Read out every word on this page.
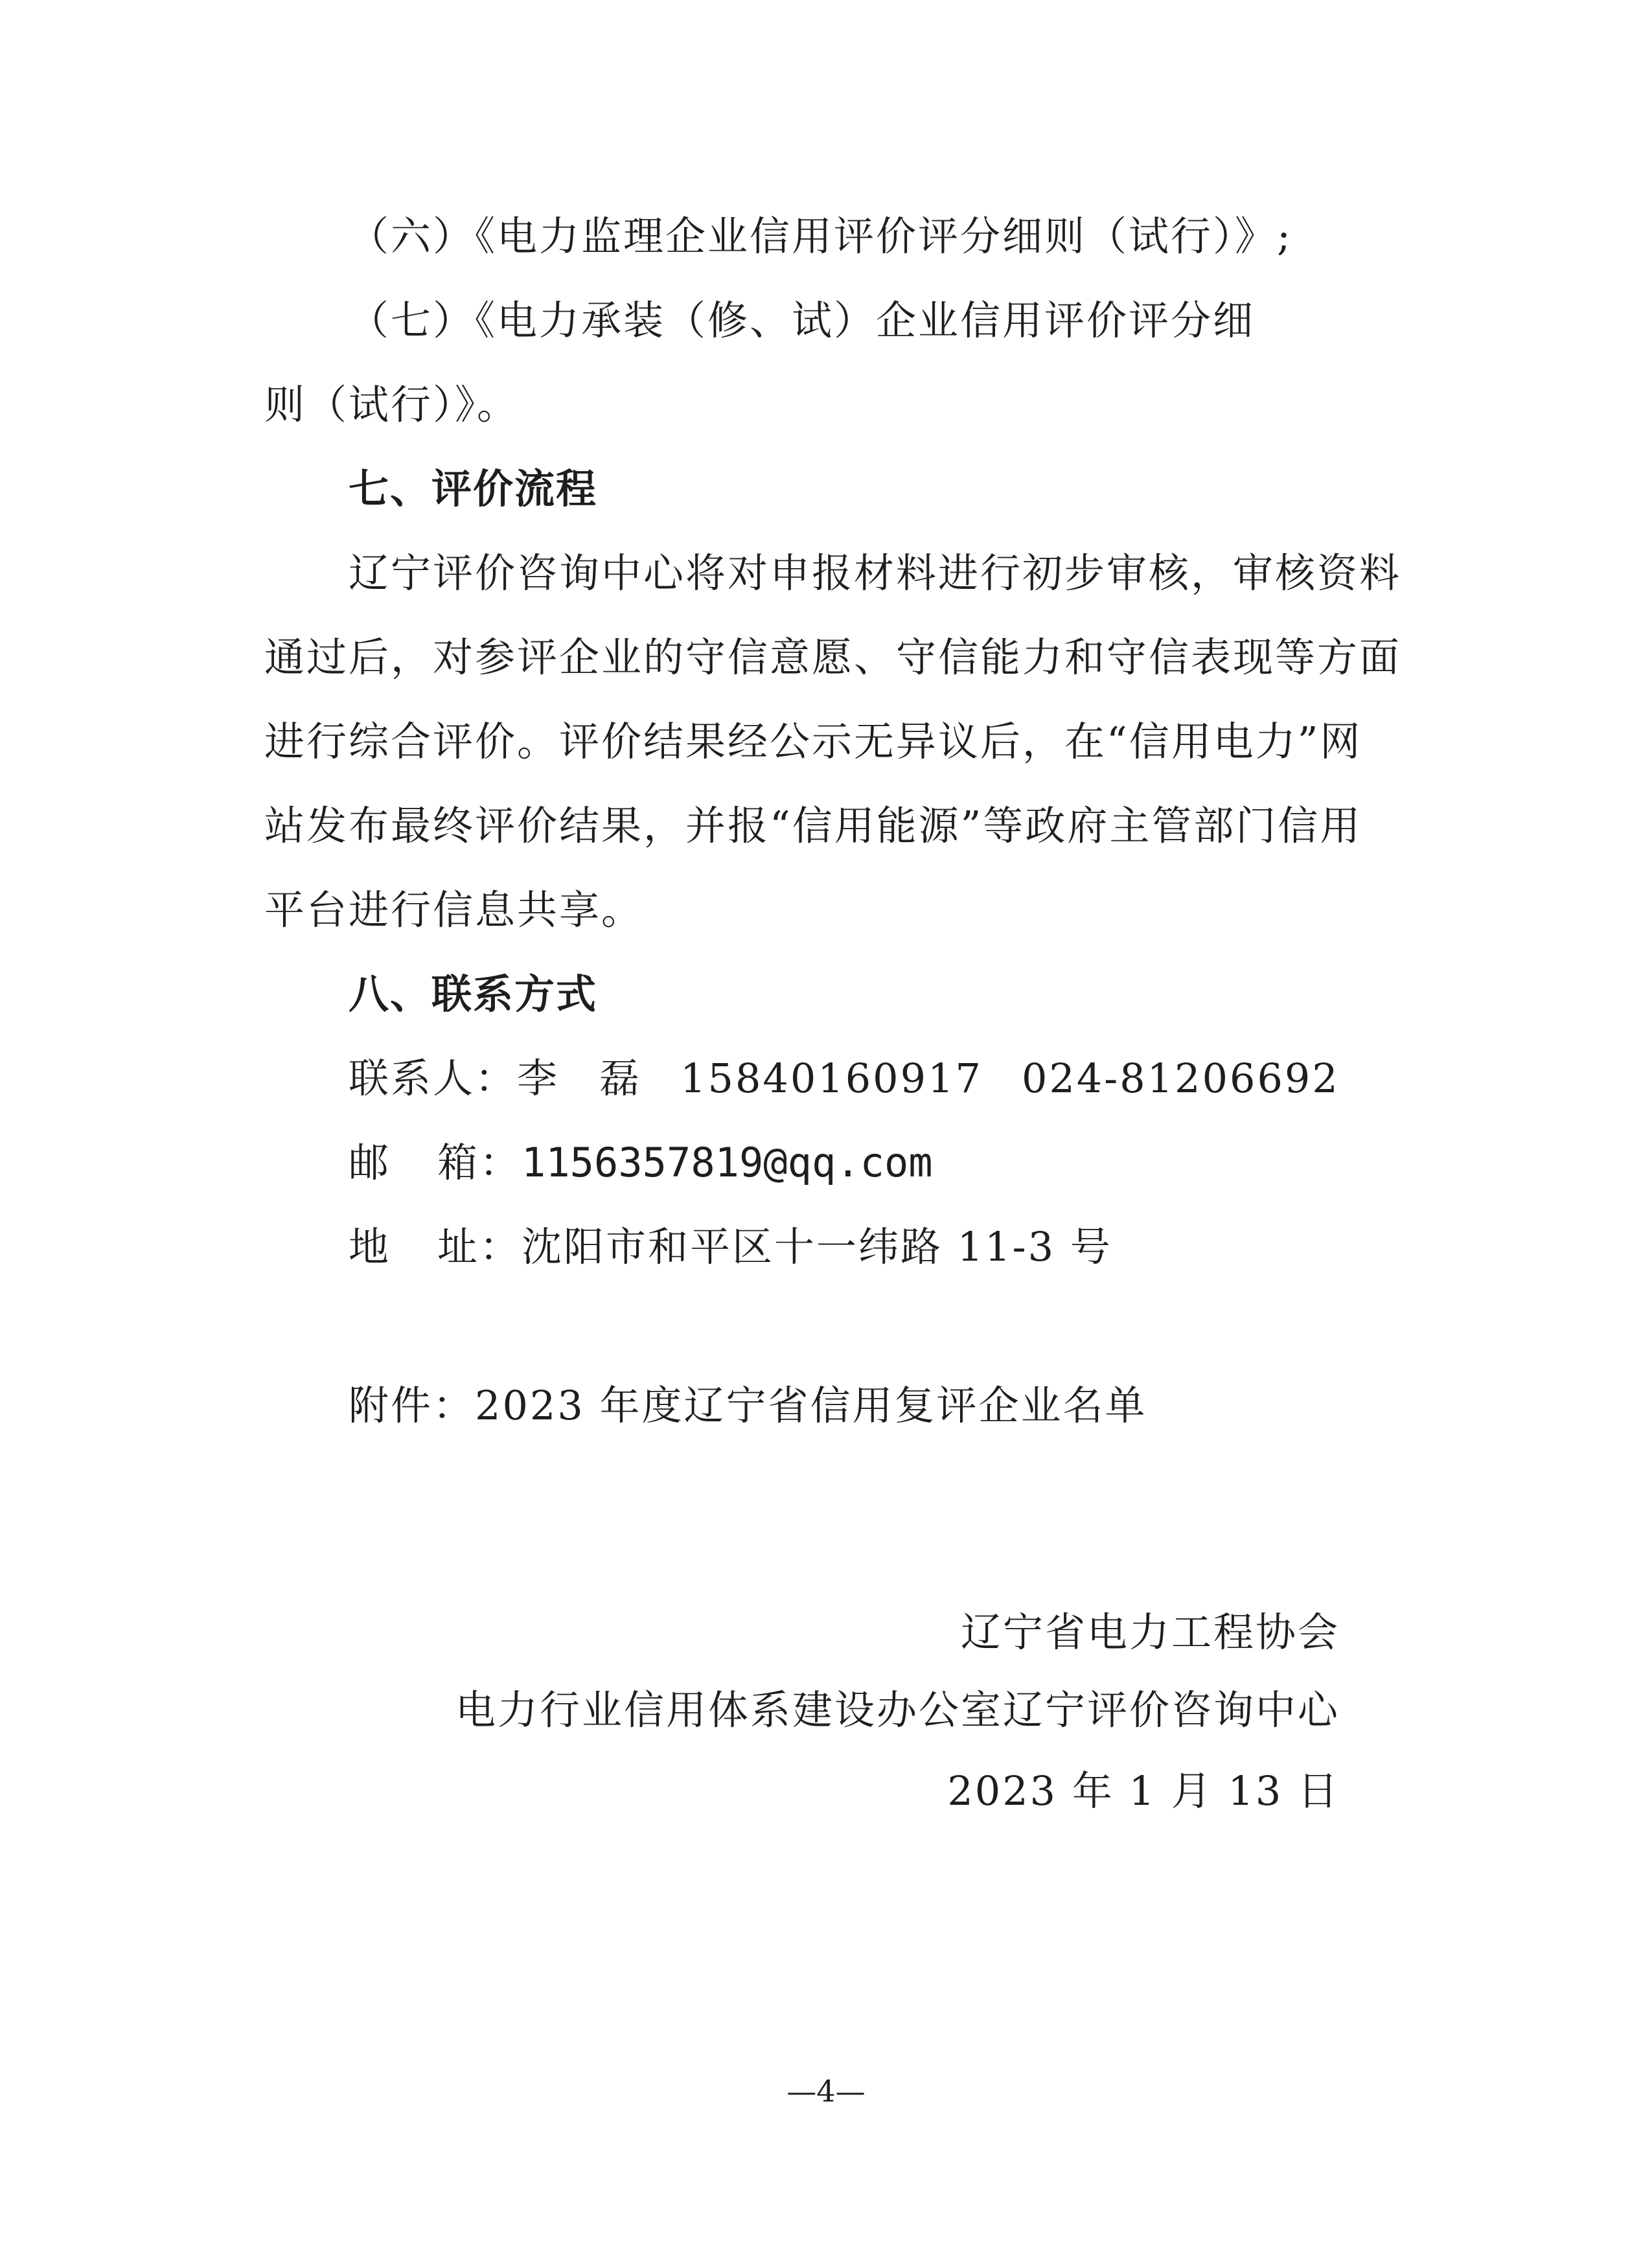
（六）《电力监理企业信用评价评分细则（试行）》;
（七）《电力承装（修、试）企业信用评价评分细
则（试行）》。
七、评价流程
辽宁评价咨询中心将对申报材料进行初步审核，审核资料
通过后，对参评企业的守信意愿、守信能力和守信表现等方面
进行综合评价。评价结果经公示无异议后，在“信用电力”网
站发布最终评价结果，并报“信用能源”等政府主管部门信用
平台进行信息共享。
八、联系方式
联系人：李 磊 15840160917 024-81206692
邮 箱：1156357819@qq.com
地 址：沈阳市和平区十一纬路 11-3 号
附件：2023 年度辽宁省信用复评企业名单
辽宁省电力工程协会
电力行业信用体系建设办公室辽宁评价咨询中心
2023 年 1 月 13 日
—4—
